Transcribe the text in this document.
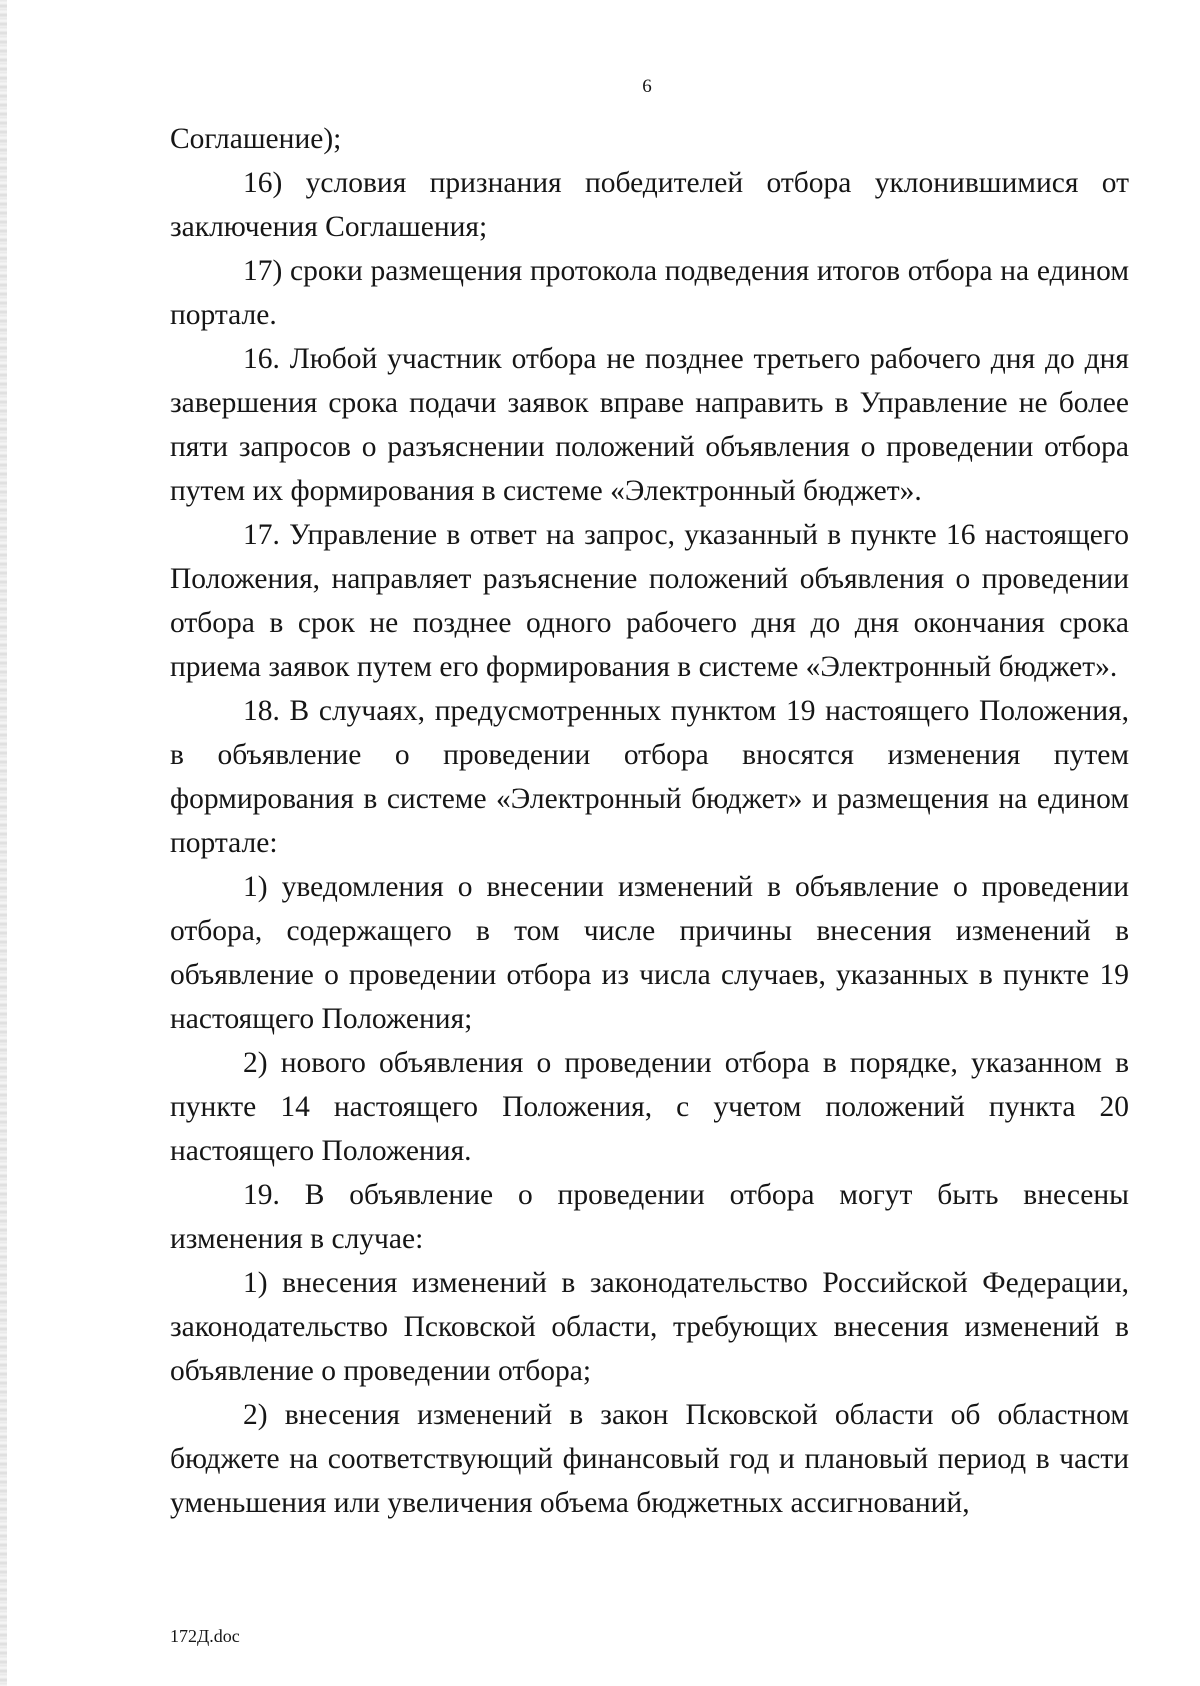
6

Соглашение);

16) условия признания победителей отбора уклонившимися от заключения Соглашения;

17) сроки размещения протокола подведения итогов отбора на едином портале.

16. Любой участник отбора не позднее третьего рабочего дня до дня завершения срока подачи заявок вправе направить в Управление не более пяти запросов о разъяснении положений объявления о проведении отбора путем их формирования в системе «Электронный бюджет».

17. Управление в ответ на запрос, указанный в пункте 16 настоящего Положения, направляет разъяснение положений объявления о проведении отбора в срок не позднее одного рабочего дня до дня окончания срока приема заявок путем его формирования в системе «Электронный бюджет».

18. В случаях, предусмотренных пунктом 19 настоящего Положения, в объявление о проведении отбора вносятся изменения путем формирования в системе «Электронный бюджет» и размещения на едином портале:

1) уведомления о внесении изменений в объявление о проведении отбора, содержащего в том числе причины внесения изменений в объявление о проведении отбора из числа случаев, указанных в пункте 19 настоящего Положения;

2) нового объявления о проведении отбора в порядке, указанном в пункте 14 настоящего Положения, с учетом положений пункта 20 настоящего Положения.

19. В объявление о проведении отбора могут быть внесены изменения в случае:

1) внесения изменений в законодательство Российской Федерации, законодательство Псковской области, требующих внесения изменений в объявление о проведении отбора;

2) внесения изменений в закон Псковской области об областном бюджете на соответствующий финансовый год и плановый период в части уменьшения или увеличения объема бюджетных ассигнований,

172Д.doc
